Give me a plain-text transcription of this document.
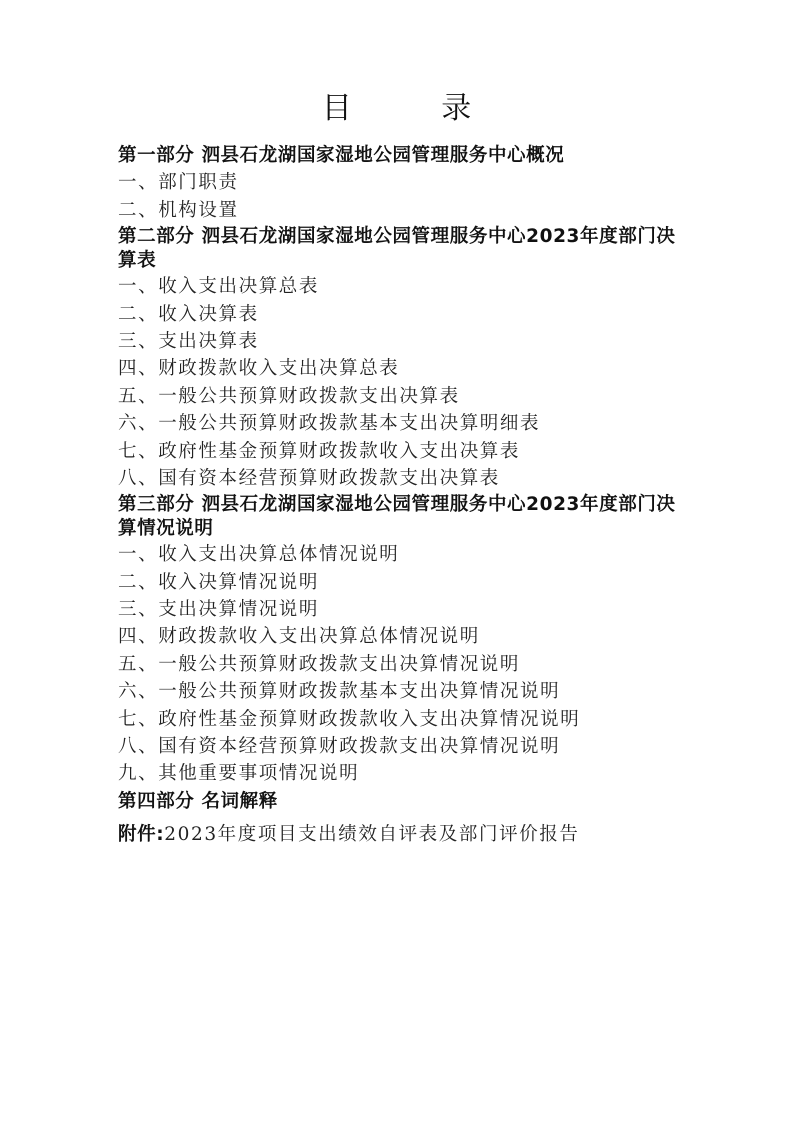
目 录
第一部分 泗县石龙湖国家湿地公园管理服务中心概况
一、部门职责
二、机构设置
第二部分 泗县石龙湖国家湿地公园管理服务中心2023年度部门决算表
一、收入支出决算总表
二、收入决算表
三、支出决算表
四、财政拨款收入支出决算总表
五、一般公共预算财政拨款支出决算表
六、一般公共预算财政拨款基本支出决算明细表
七、政府性基金预算财政拨款收入支出决算表
八、国有资本经营预算财政拨款支出决算表
第三部分 泗县石龙湖国家湿地公园管理服务中心2023年度部门决算情况说明
一、收入支出决算总体情况说明
二、收入决算情况说明
三、支出决算情况说明
四、财政拨款收入支出决算总体情况说明
五、一般公共预算财政拨款支出决算情况说明
六、一般公共预算财政拨款基本支出决算情况说明
七、政府性基金预算财政拨款收入支出决算情况说明
八、国有资本经营预算财政拨款支出决算情况说明
九、其他重要事项情况说明
第四部分 名词解释
附件:2023年度项目支出绩效自评表及部门评价报告
